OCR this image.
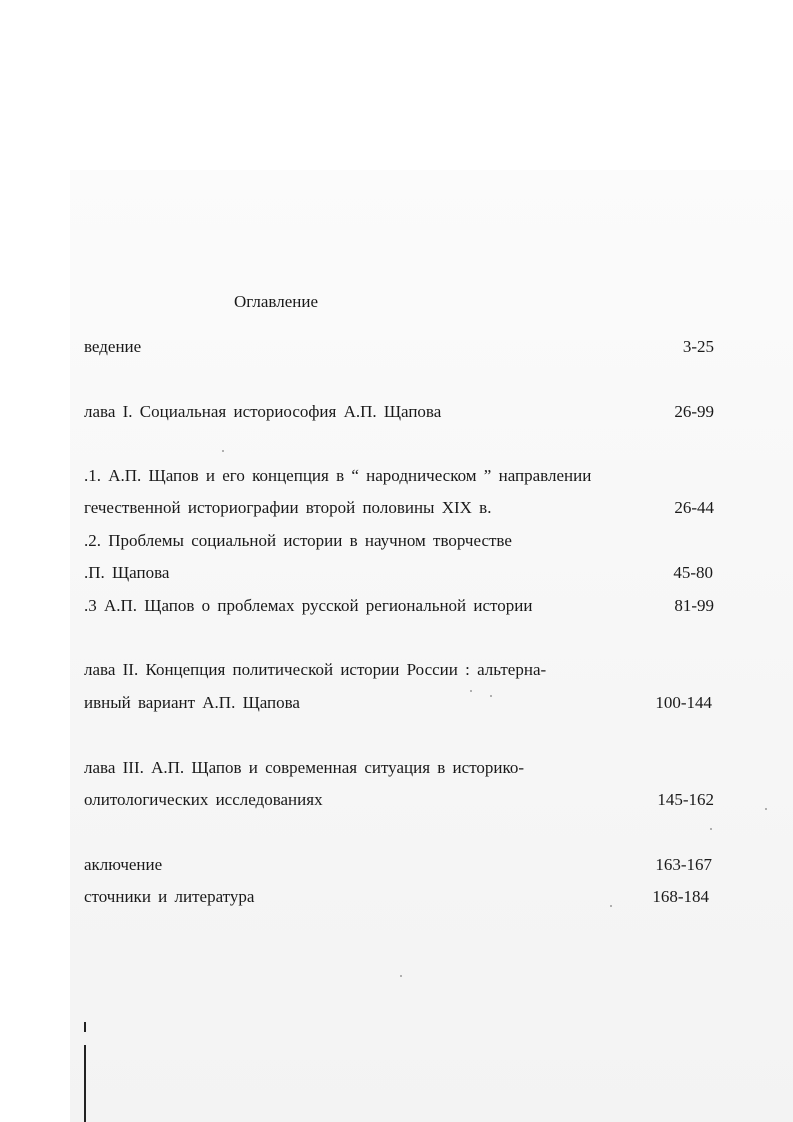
Оглавление
ведение	3-25
лава I. Социальная историософия А.П. Щапова	26-99
.1. А.П. Щапов и его концепция в “ народническом ” направлении
гечественной историографии второй половины XIX в.	26-44
.2. Проблемы социальной истории в научном творчестве
.П. Щапова	45-80
.3 А.П. Щапов о проблемах русской региональной истории	81-99
лава II. Концепция политической истории России : альтерна-
ивный вариант А.П. Щапова	100-144
лава III. А.П. Щапов и современная ситуация в историко-
олитологических исследованиях	145-162
аключение	163-167
сточники и литература	168-184
